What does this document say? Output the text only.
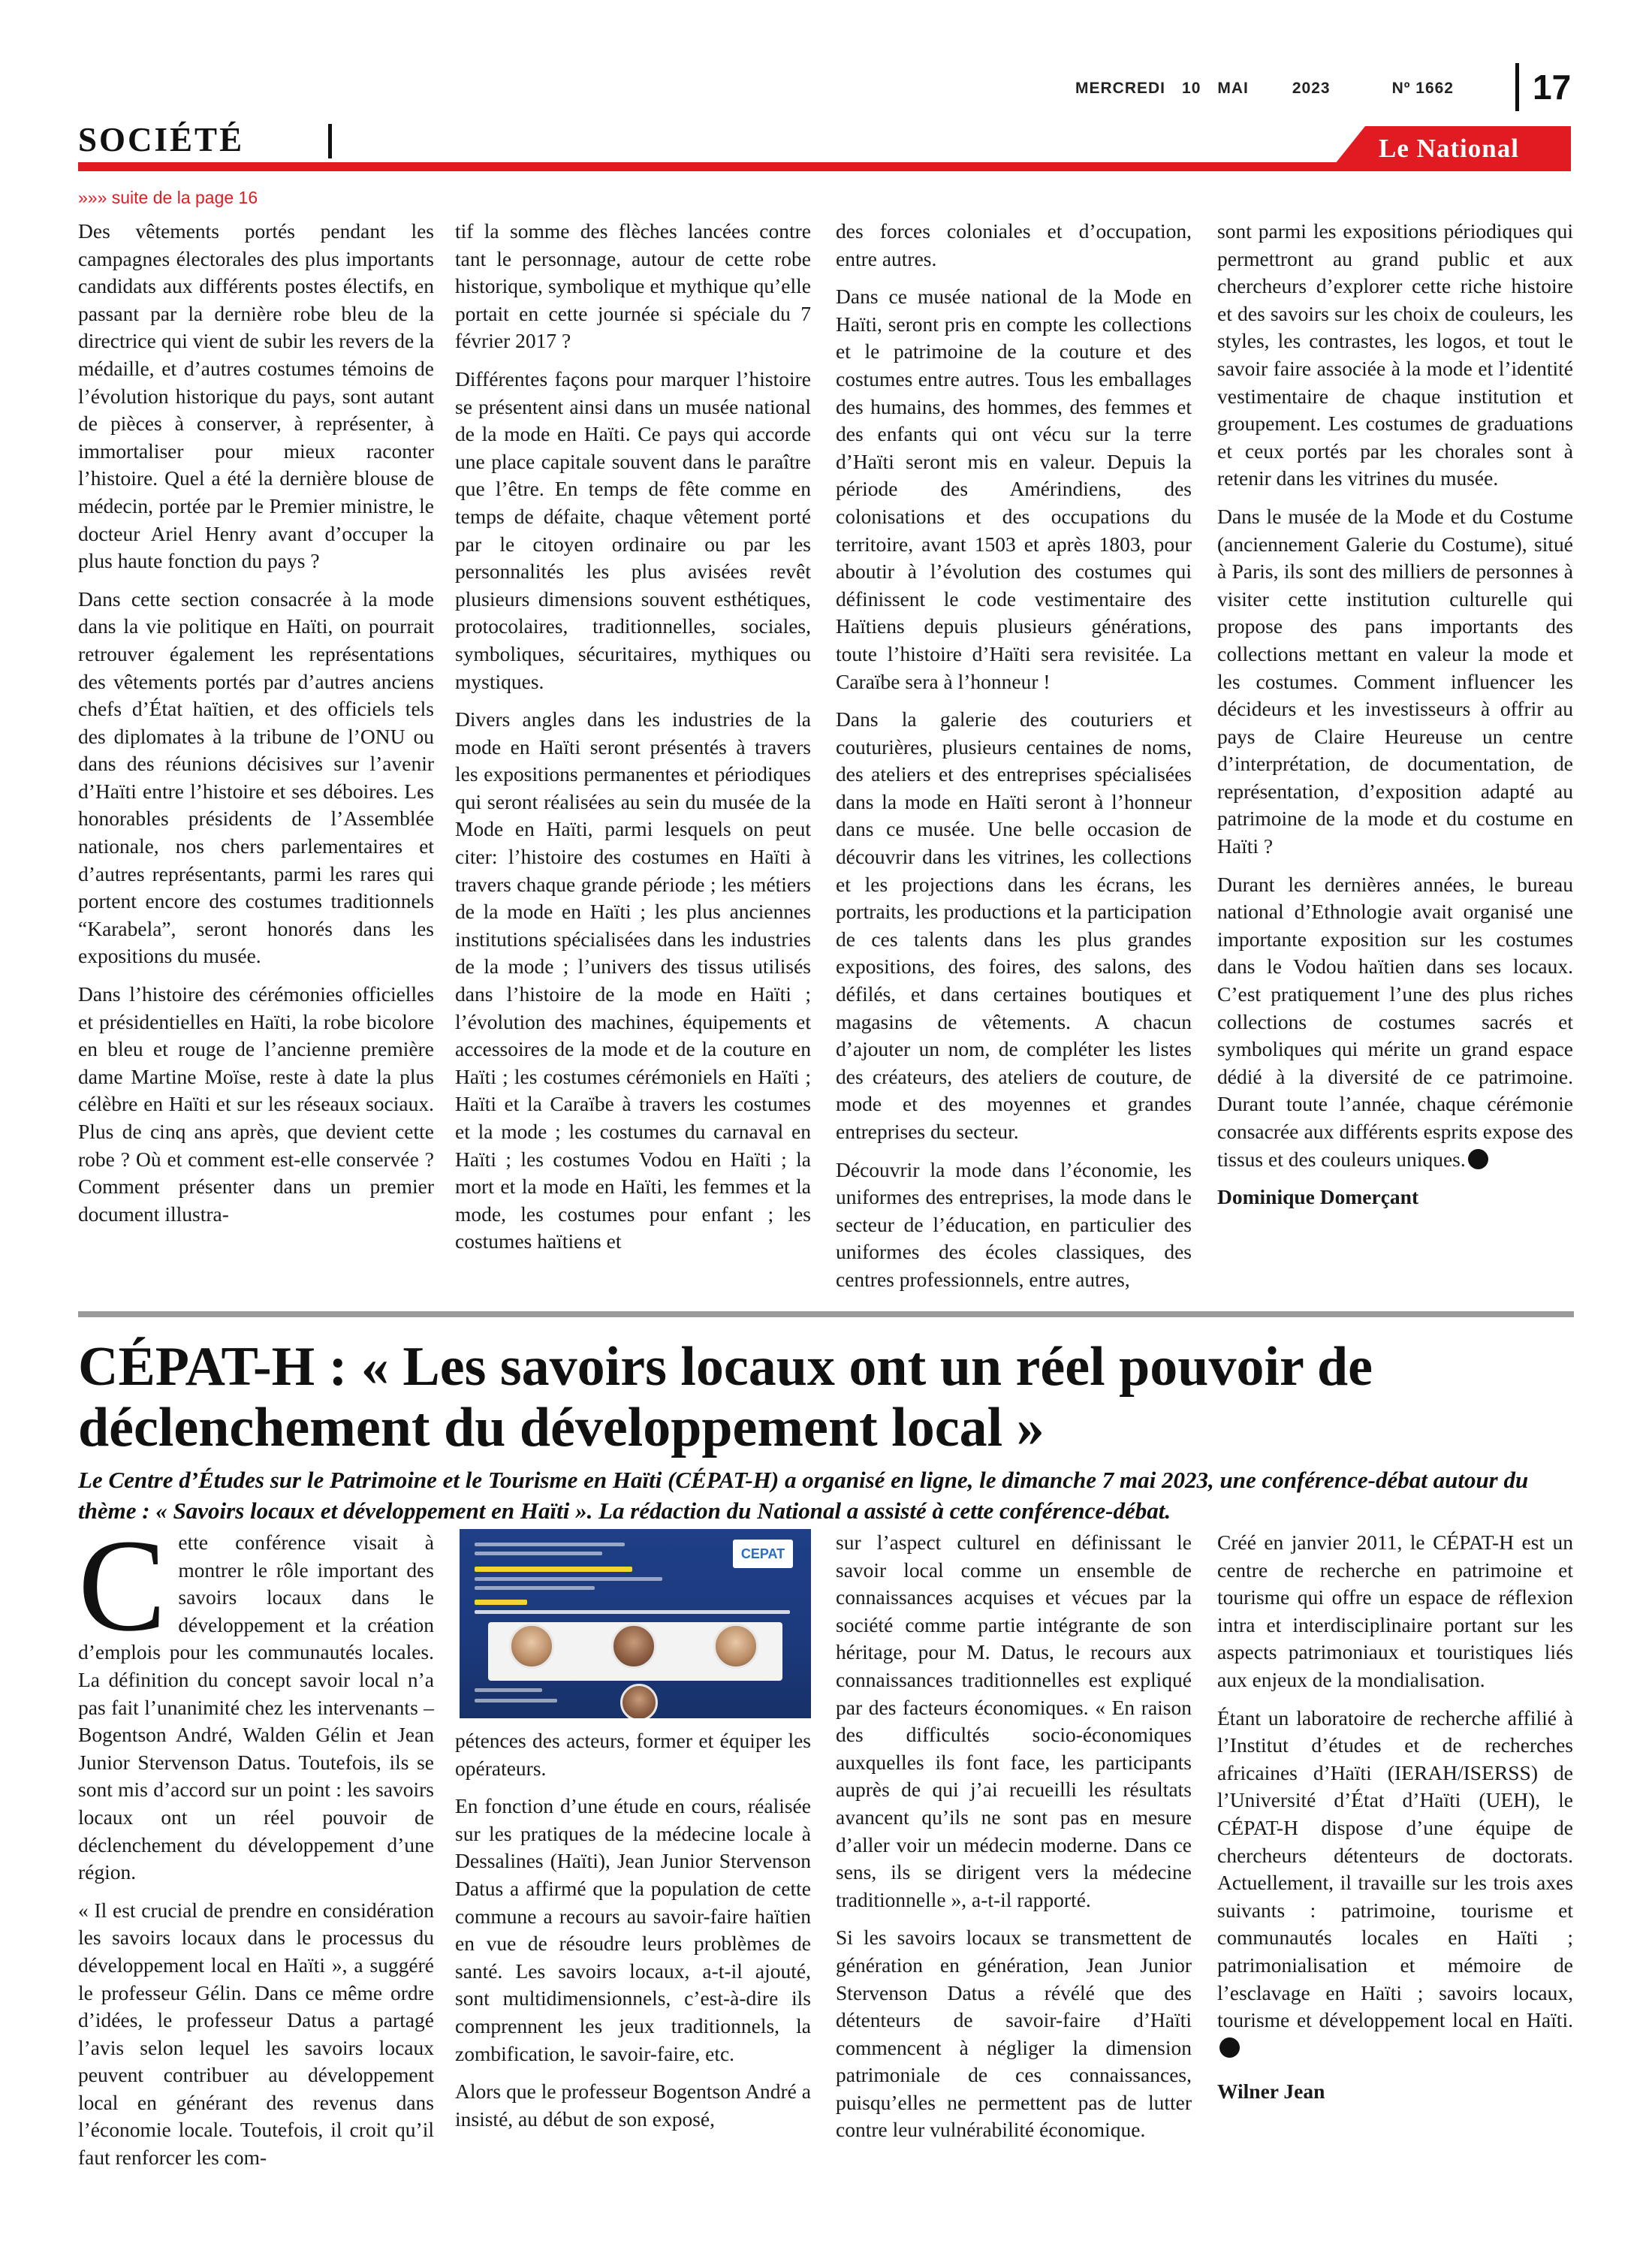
MERCREDI 10 MAI	2023	Nº 1662	17
SOCIÉTÉ	Le National
»»» suite de la page 16

Des vêtements portés pendant les campagnes électorales des plus importants candidats aux différents postes électifs, en passant par la dernière robe bleu de la directrice qui vient de subir les revers de la médaille, et d’autres costumes témoins de l’évolution historique du pays, sont autant de pièces à conserver, à représenter, à immortaliser pour mieux raconter l’histoire. Quel a été la dernière blouse de médecin, portée par le Premier ministre, le docteur Ariel Henry avant d’occuper la plus haute fonction du pays ?

Dans cette section consacrée à la mode dans la vie politique en Haïti, on pourrait retrouver également les représentations des vêtements portés par d’autres anciens chefs d’État haïtien, et des officiels tels des diplomates à la tribune de l’ONU ou dans des réunions décisives sur l’avenir d’Haïti entre l’histoire et ses déboires. Les honorables présidents de l’Assemblée nationale, nos chers parlementaires et d’autres représentants, parmi les rares qui portent encore des costumes traditionnels “Karabela”, seront honorés dans les expositions du musée.

Dans l’histoire des cérémonies officielles et présidentielles en Haïti, la robe bicolore en bleu et rouge de l’ancienne première dame Martine Moïse, reste à date la plus célèbre en Haïti et sur les réseaux sociaux. Plus de cinq ans après, que devient cette robe ? Où et comment est-elle conservée ? Comment présenter dans un premier document illustra-

tif la somme des flèches lancées contre tant le personnage, autour de cette robe historique, symbolique et mythique qu’elle portait en cette journée si spéciale du 7 février 2017 ?

Différentes façons pour marquer l’histoire se présentent ainsi dans un musée national de la mode en Haïti. Ce pays qui accorde une place capitale souvent dans le paraître que l’être. En temps de fête comme en temps de défaite, chaque vêtement porté par le citoyen ordinaire ou par les personnalités les plus avisées revêt plusieurs dimensions souvent esthétiques, protocolaires, traditionnelles, sociales, symboliques, sécuritaires, mythiques ou mystiques.

Divers angles dans les industries de la mode en Haïti seront présentés à travers les expositions permanentes et périodiques qui seront réalisées au sein du musée de la Mode en Haïti, parmi lesquels on peut citer: l’histoire des costumes en Haïti à travers chaque grande période ; les métiers de la mode en Haïti ; les plus anciennes institutions spécialisées dans les industries de la mode ; l’univers des tissus utilisés dans l’histoire de la mode en Haïti ; l’évolution des machines, équipements et accessoires de la mode et de la couture en Haïti ; les costumes cérémoniels en Haïti ; Haïti et la Caraïbe à travers les costumes et la mode ; les costumes du carnaval en Haïti ; les costumes Vodou en Haïti ; la mort et la mode en Haïti, les femmes et la mode, les costumes pour enfant ; les costumes haïtiens et

des forces coloniales et d’occupation, entre autres.

Dans ce musée national de la Mode en Haïti, seront pris en compte les collections et le patrimoine de la couture et des costumes entre autres. Tous les emballages des humains, des hommes, des femmes et des enfants qui ont vécu sur la terre d’Haïti seront mis en valeur. Depuis la période des Amérindiens, des colonisations et des occupations du territoire, avant 1503 et après 1803, pour aboutir à l’évolution des costumes qui définissent le code vestimentaire des Haïtiens depuis plusieurs générations, toute l’histoire d’Haïti sera revisitée. La Caraïbe sera à l’honneur !

Dans la galerie des couturiers et couturières, plusieurs centaines de noms, des ateliers et des entreprises spécialisées dans la mode en Haïti seront à l’honneur dans ce musée. Une belle occasion de découvrir dans les vitrines, les collections et les projections dans les écrans, les portraits, les productions et la participation de ces talents dans les plus grandes expositions, des foires, des salons, des défilés, et dans certaines boutiques et magasins de vêtements. A chacun d’ajouter un nom, de compléter les listes des créateurs, des ateliers de couture, de mode et des moyennes et grandes entreprises du secteur.

Découvrir la mode dans l’économie, les uniformes des entreprises, la mode dans le secteur de l’éducation, en particulier des uniformes des écoles classiques, des centres professionnels, entre autres,

sont parmi les expositions périodiques qui permettront au grand public et aux chercheurs d’explorer cette riche histoire et des savoirs sur les choix de couleurs, les styles, les contrastes, les logos, et tout le savoir faire associée à la mode et l’identité vestimentaire de chaque institution et groupement. Les costumes de graduations et ceux portés par les chorales sont à retenir dans les vitrines du musée.

Dans le musée de la Mode et du Costume (anciennement Galerie du Costume), situé à Paris, ils sont des milliers de personnes à visiter cette institution culturelle qui propose des pans importants des collections mettant en valeur la mode et les costumes. Comment influencer les décideurs et les investisseurs à offrir au pays de Claire Heureuse un centre d’interprétation, de documentation, de représentation, d’exposition adapté au patrimoine de la mode et du costume en Haïti ?

Durant les dernières années, le bureau national d’Ethnologie avait organisé une importante exposition sur les costumes dans le Vodou haïtien dans ses locaux. C’est pratiquement l’une des plus riches collections de costumes sacrés et symboliques qui mérite un grand espace dédié à la diversité de ce patrimoine. Durant toute l’année, chaque cérémonie consacrée aux différents esprits expose des tissus et des couleurs uniques.

Dominique Domerçant
CÉPAT-H : « Les savoirs locaux ont un réel pouvoir de déclenchement du développement local »
Le Centre d’Études sur le Patrimoine et le Tourisme en Haïti (CÉPAT-H) a organisé en ligne, le dimanche 7 mai 2023, une conférence-débat autour du thème : « Savoirs locaux et développement en Haïti ». La rédaction du National a assisté à cette conférence-débat.

Cette conférence visait à montrer le rôle important des savoirs locaux dans le développement et la création d’emplois pour les communautés locales. La définition du concept savoir local n’a pas fait l’unanimité chez les intervenants – Bogentson André, Walden Gélin et Jean Junior Stervenson Datus. Toutefois, ils se sont mis d’accord sur un point : les savoirs locaux ont un réel pouvoir de déclenchement du développement d’une région.

« Il est crucial de prendre en considération les savoirs locaux dans le processus du développement local en Haïti », a suggéré le professeur Gélin. Dans ce même ordre d’idées, le professeur Datus a partagé l’avis selon lequel les savoirs locaux peuvent contribuer au développement local en générant des revenus dans l’économie locale. Toutefois, il croit qu’il faut renforcer les com-

CEPAT

pétences des acteurs, former et équiper les opérateurs.

En fonction d’une étude en cours, réalisée sur les pratiques de la médecine locale à Dessalines (Haïti), Jean Junior Stervenson Datus a affirmé que la population de cette commune a recours au savoir-faire haïtien en vue de résoudre leurs problèmes de santé. Les savoirs locaux, a-t-il ajouté, sont multidimensionnels, c’est-à-dire ils comprennent les jeux traditionnels, la zombification, le savoir-faire, etc.

Alors que le professeur Bogentson André a insisté, au début de son exposé,

sur l’aspect culturel en définissant le savoir local comme un ensemble de connaissances acquises et vécues par la société comme partie intégrante de son héritage, pour M. Datus, le recours aux connaissances traditionnelles est expliqué par des facteurs économiques. « En raison des difficultés socio-économiques auxquelles ils font face, les participants auprès de qui j’ai recueilli les résultats avancent qu’ils ne sont pas en mesure d’aller voir un médecin moderne. Dans ce sens, ils se dirigent vers la médecine traditionnelle », a-t-il rapporté.

Si les savoirs locaux se transmettent de génération en génération, Jean Junior Stervenson Datus a révélé que des détenteurs de savoir-faire d’Haïti commencent à négliger la dimension patrimoniale de ces connaissances, puisqu’elles ne permettent pas de lutter contre leur vulnérabilité économique.

Créé en janvier 2011, le CÉPAT-H est un centre de recherche en patrimoine et tourisme qui offre un espace de réflexion intra et interdisciplinaire portant sur les aspects patrimoniaux et touristiques liés aux enjeux de la mondialisation.

Étant un laboratoire de recherche affilié à l’Institut d’études et de recherches africaines d’Haïti (IERAH/ISERSS) de l’Université d’État d’Haïti (UEH), le CÉPAT-H dispose d’une équipe de chercheurs détenteurs de doctorats. Actuellement, il travaille sur les trois axes suivants : patrimoine, tourisme et communautés locales en Haïti ; patrimonialisation et mémoire de l’esclavage en Haïti ; savoirs locaux, tourisme et développement local en Haïti.

Wilner Jean
